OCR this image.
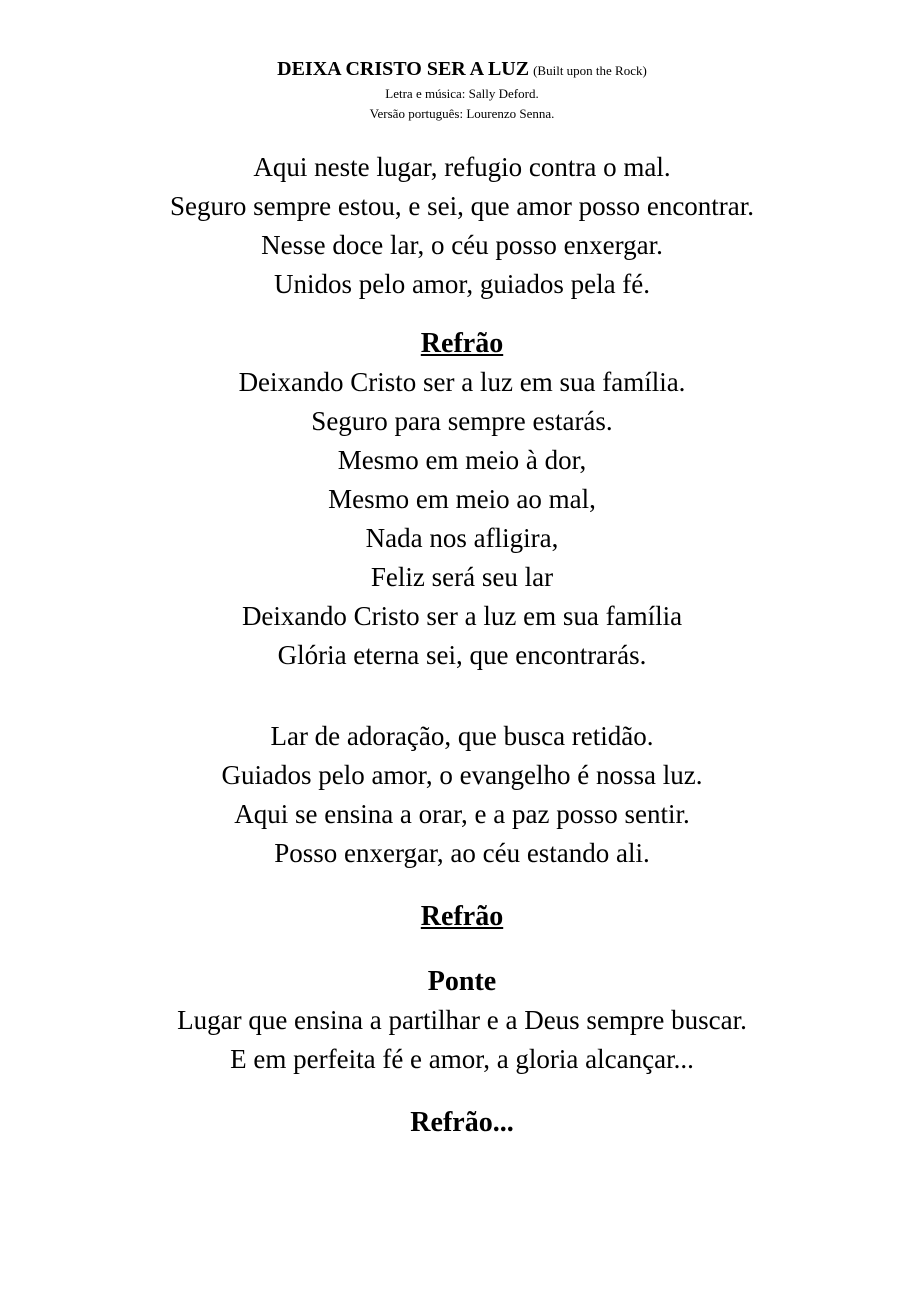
DEIXA CRISTO SER A LUZ (Built upon the Rock)
Letra e música: Sally Deford.
Versão português: Lourenzo Senna.
Aqui neste lugar, refugio contra o mal.
Seguro sempre estou, e sei, que amor posso encontrar.
Nesse doce lar, o céu posso enxergar.
Unidos pelo amor, guiados pela fé.
Refrão
Deixando Cristo ser a luz em sua família.
Seguro para sempre estarás.
Mesmo em meio à dor,
Mesmo em meio ao mal,
Nada nos afligira,
Feliz será seu lar
Deixando Cristo ser a luz em sua família
Glória eterna sei, que encontrarás.
Lar de adoração, que busca retidão.
Guiados pelo amor, o evangelho é nossa luz.
Aqui se ensina a orar, e a paz posso sentir.
Posso enxergar, ao céu estando ali.
Refrão
Ponte
Lugar que ensina a partilhar e a Deus sempre buscar.
E em perfeita fé e amor, a gloria alcançar...
Refrão...
